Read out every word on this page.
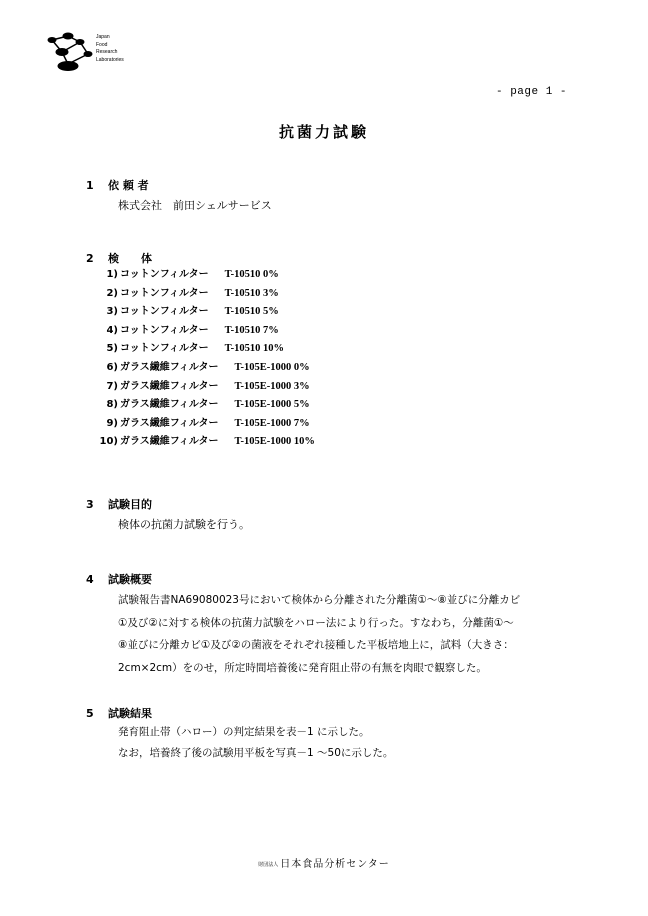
Japan
Food
Research
Laboratories
- page 1 -
抗菌力試験
1 依 頼 者
株式会社　前田シェルサービス
2 検　　体
1) コットンフィルター T-10510 0%
2) コットンフィルター T-10510 3%
3) コットンフィルター T-10510 5%
4) コットンフィルター T-10510 7%
5) コットンフィルター T-10510 10%
6) ガラス繊維フィルター T-105E-1000 0%
7) ガラス繊維フィルター T-105E-1000 3%
8) ガラス繊維フィルター T-105E-1000 5%
9) ガラス繊維フィルター T-105E-1000 7%
10) ガラス繊維フィルター T-105E-1000 10%
3 試験目的
検体の抗菌力試験を行う。
4 試験概要
試験報告書NA69080023号において検体から分離された分離菌①～⑧並びに分離カビ
①及び②に対する検体の抗菌力試験をハロー法により行った。すなわち，分離菌①～
⑧並びに分離カビ①及び②の菌液をそれぞれ接種した平板培地上に，試料（大きさ：
2cm×2cm）をのせ，所定時間培養後に発育阻止帯の有無を肉眼で観察した。
5 試験結果
発育阻止帯（ハロー）の判定結果を表－1 に示した。
なお，培養終了後の試験用平板を写真－1 ～50に示した。
財団法人 日本食品分析センター
